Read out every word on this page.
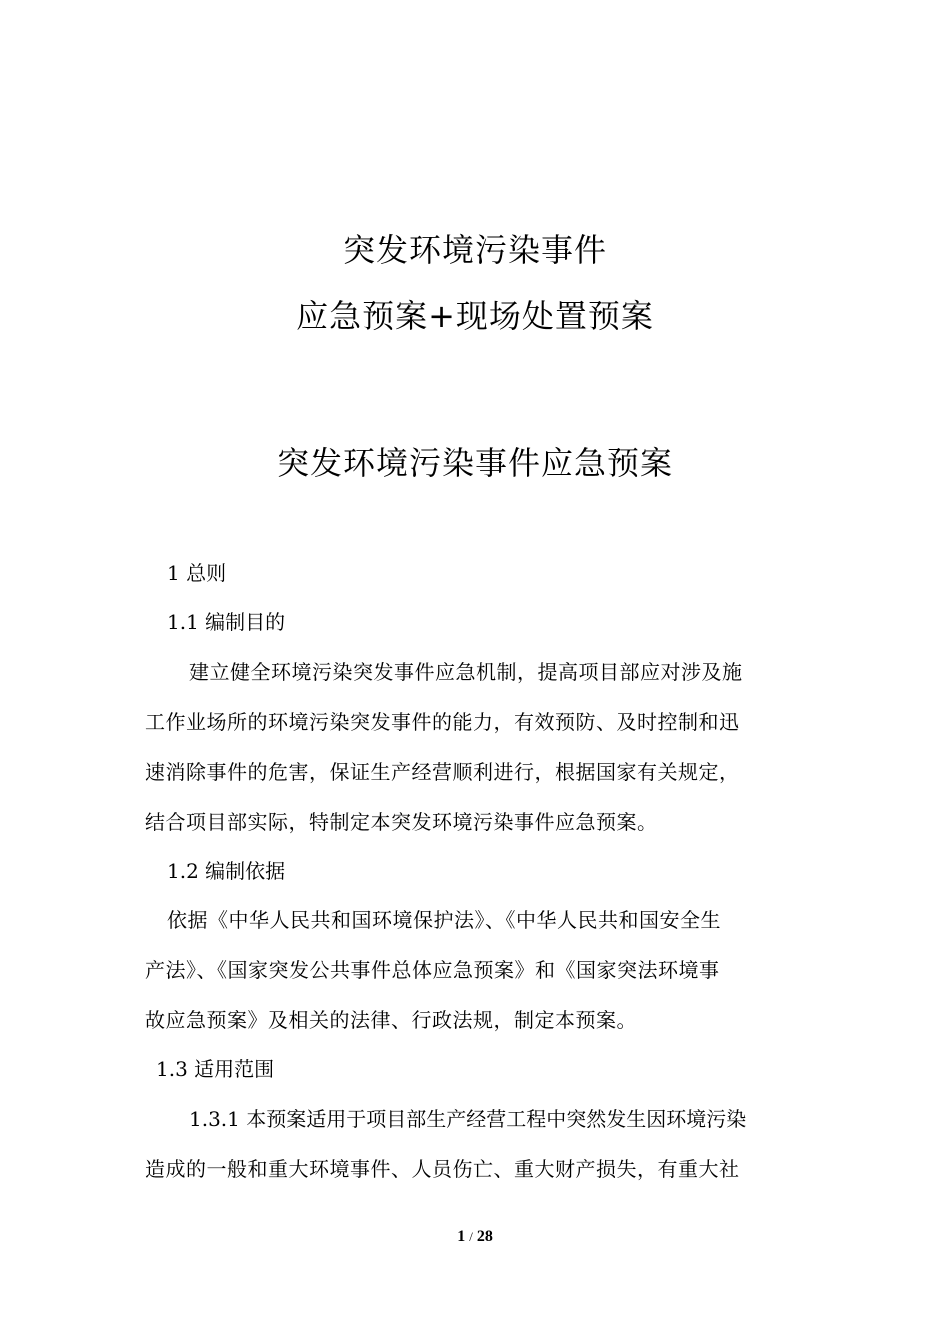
突发环境污染事件
应急预案+现场处置预案
突发环境污染事件应急预案
1 总则
1.1 编制目的
建立健全环境污染突发事件应急机制，提高项目部应对涉及施
工作业场所的环境污染突发事件的能力，有效预防、及时控制和迅
速消除事件的危害，保证生产经营顺利进行，根据国家有关规定，
结合项目部实际，特制定本突发环境污染事件应急预案。
1.2 编制依据
依据《中华人民共和国环境保护法》、《中华人民共和国安全生
产法》、《国家突发公共事件总体应急预案》和《国家突法环境事
故应急预案》及相关的法律、行政法规，制定本预案。
1.3 适用范围
1.3.1 本预案适用于项目部生产经营工程中突然发生因环境污染
造成的一般和重大环境事件、人员伤亡、重大财产损失，有重大社
1 / 28
